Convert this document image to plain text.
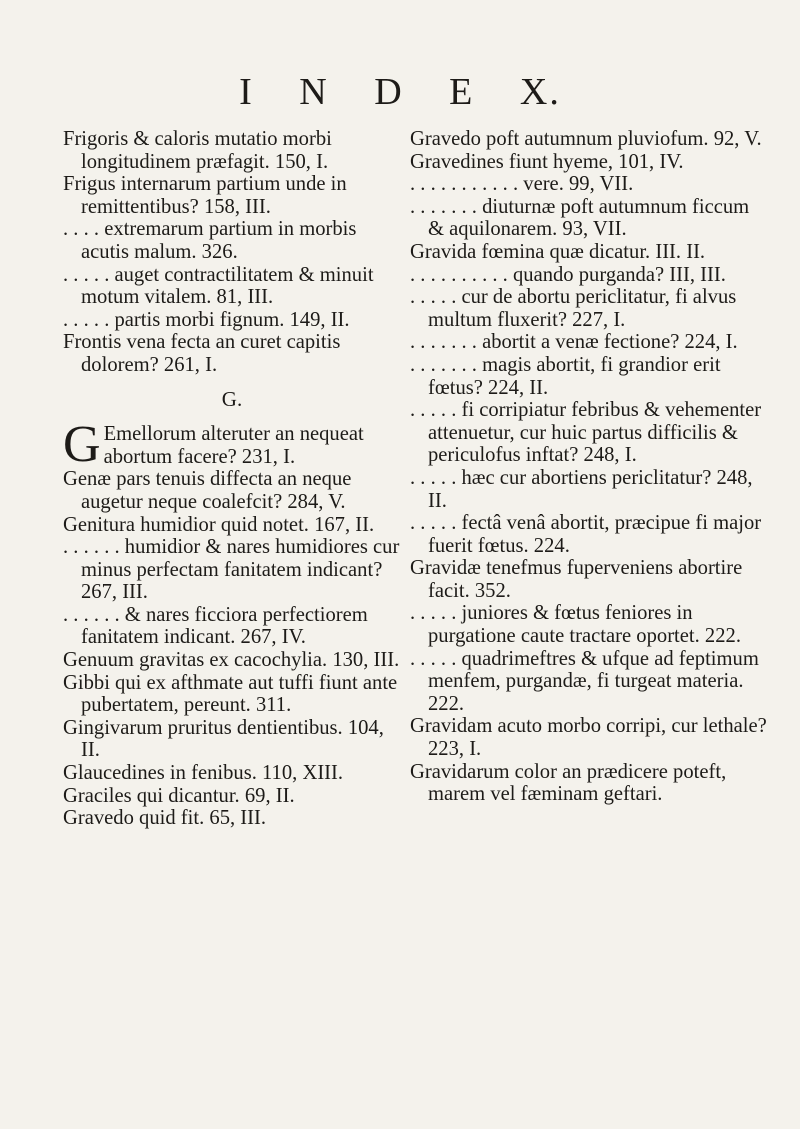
I N D E X.

Frigoris & caloris mutatio morbi longitudinem præfagit. 150, I.

Frigus internarum partium unde in remittentibus? 158, III.

. . . . extremarum partium in morbis acutis malum. 326.

. . . . . auget contractilitatem & minuit motum vitalem. 81, III.

. . . . . partis morbi fignum. 149, II.

Frontis vena fecta an curet capitis dolorem? 261, I.

G.

G Emellorum alteruter an nequeat abortum facere? 231, I.

Genæ pars tenuis diffecta an neque augetur neque coalefcit? 284, V.

Genitura humidior quid notet. 167, II.

. . . . . . humidior & nares humidiores cur minus perfectam fanitatem indicant? 267, III.

. . . . . . & nares ficciora perfectiorem fanitatem indicant. 267, IV.

Genuum gravitas ex cacochylia. 130, III.

Gibbi qui ex afthmate aut tuffi fiunt ante pubertatem, pereunt. 311.

Gingivarum pruritus dentientibus. 104, II.

Glaucedines in fenibus. 110, XIII.

Graciles qui dicantur. 69, II.

Gravedo quid fit. 65, III.

Gravedo poft autumnum pluviofum. 92, V.

Gravedines fiunt hyeme, 101, IV.

. . . . . . . . . . . vere. 99, VII.

. . . . . . . diuturnæ poft autumnum ficcum & aquilonarem. 93, VII.

Gravida fœmina quæ dicatur. III. II.

. . . . . . . . . . quando purganda? III, III.

. . . . . cur de abortu periclitatur, fi alvus multum fluxerit? 227, I.

. . . . . . . abortit a venæ fectione? 224, I.

. . . . . . . magis abortit, fi grandior erit fœtus? 224, II.

. . . . . fi corripiatur febribus & vehementer attenuetur, cur huic partus difficilis & periculofus inftat? 248, I.

. . . . . hæc cur abortiens periclitatur? 248, II.

. . . . . fectâ venâ abortit, præcipue fi major fuerit fœtus. 224.

Gravidæ tenefmus fuperveniens abortire facit. 352.

. . . . . juniores & fœtus feniores in purgatione caute tractare oportet. 222.

. . . . . quadrimeftres & ufque ad feptimum menfem, purgandæ, fi turgeat materia. 222.

Gravidam acuto morbo corripi, cur lethale? 223, I.

Gravidarum color an prædicere poteft, marem vel fæminam geftari.
